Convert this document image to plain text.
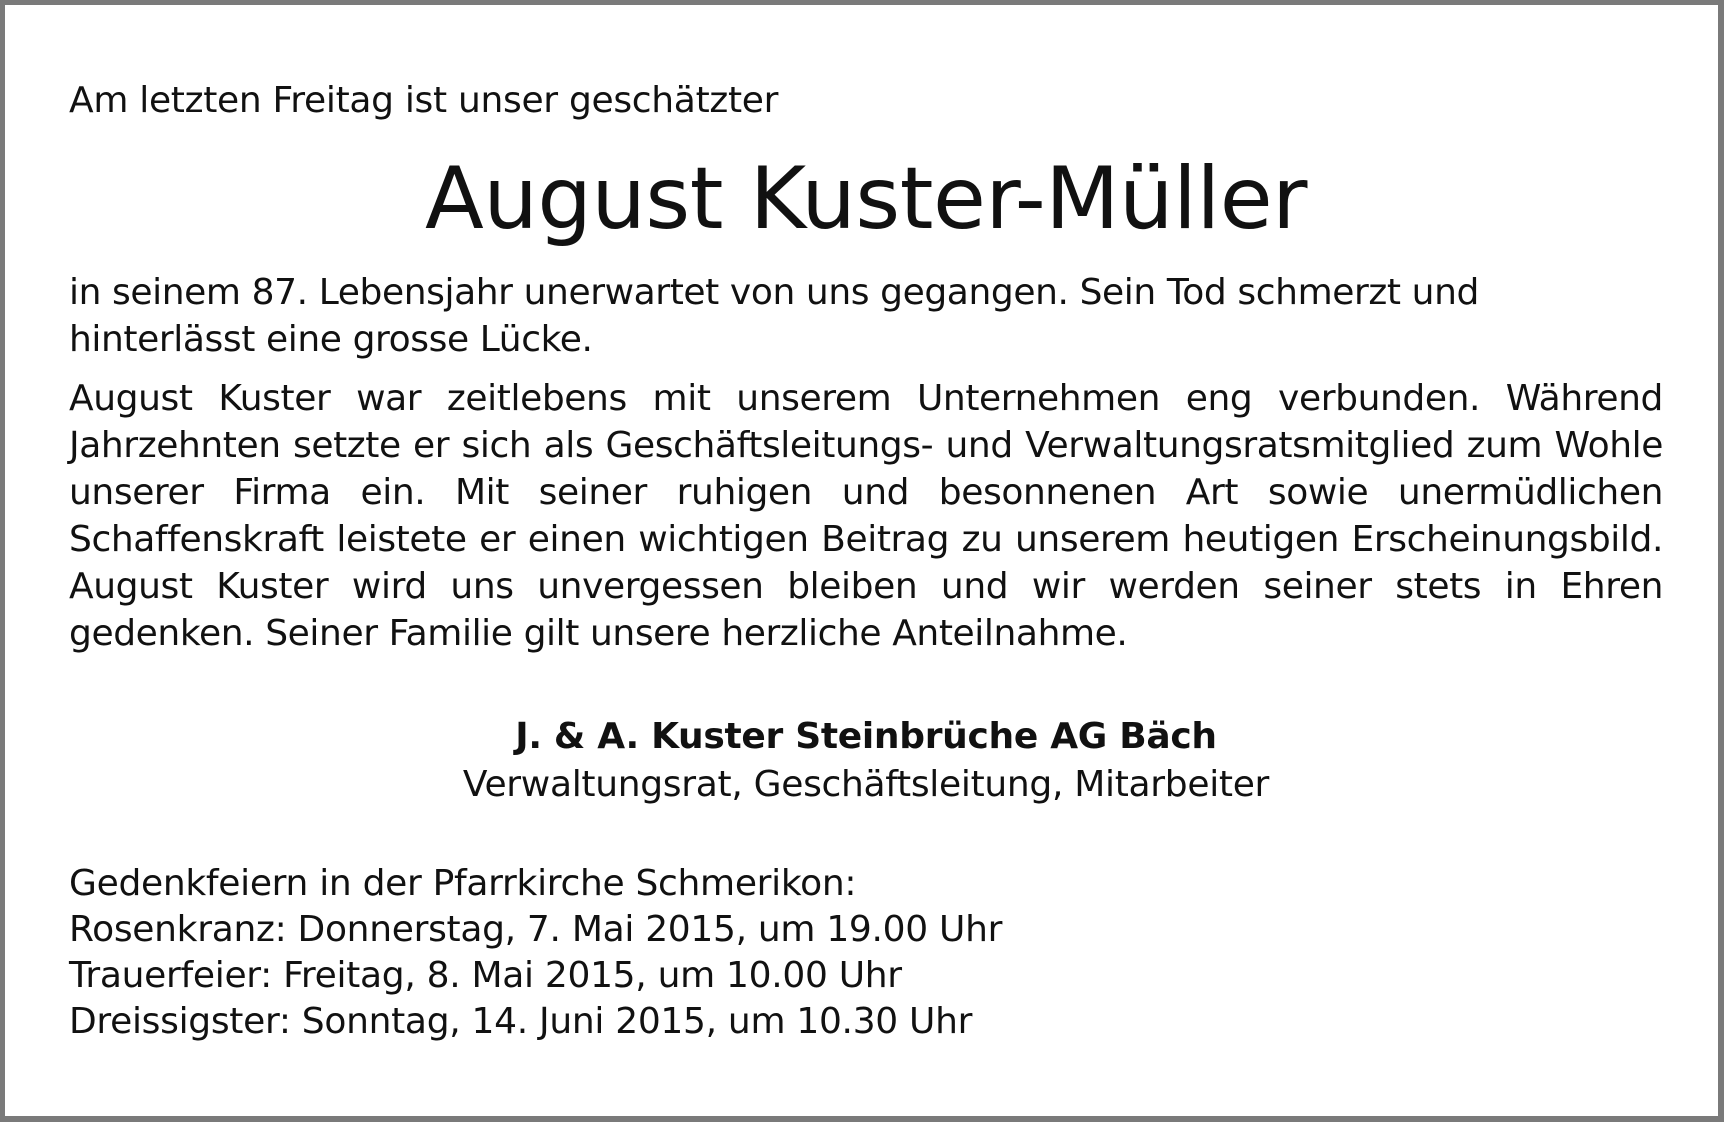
Am letzten Freitag ist unser geschätzter

August Kuster-Müller

in seinem 87. Lebensjahr unerwartet von uns gegangen. Sein Tod schmerzt und hinterlässt eine grosse Lücke.

August Kuster war zeitlebens mit unserem Unternehmen eng verbunden. Während Jahrzehnten setzte er sich als Geschäftsleitungs- und Verwaltungsratsmitglied zum Wohle unserer Firma ein. Mit seiner ruhigen und besonnenen Art sowie unermüdlichen Schaffenskraft leistete er einen wichtigen Beitrag zu unserem heutigen Erscheinungsbild. August Kuster wird uns unvergessen bleiben und wir werden seiner stets in Ehren gedenken. Seiner Familie gilt unsere herzliche Anteilnahme.

J. & A. Kuster Steinbrüche AG Bäch
Verwaltungsrat, Geschäftsleitung, Mitarbeiter
Gedenkfeiern in der Pfarrkirche Schmerikon:
Rosenkranz: Donnerstag, 7. Mai 2015, um 19.00 Uhr
Trauerfeier: Freitag, 8. Mai 2015, um 10.00 Uhr
Dreissigster: Sonntag, 14. Juni 2015, um 10.30 Uhr
